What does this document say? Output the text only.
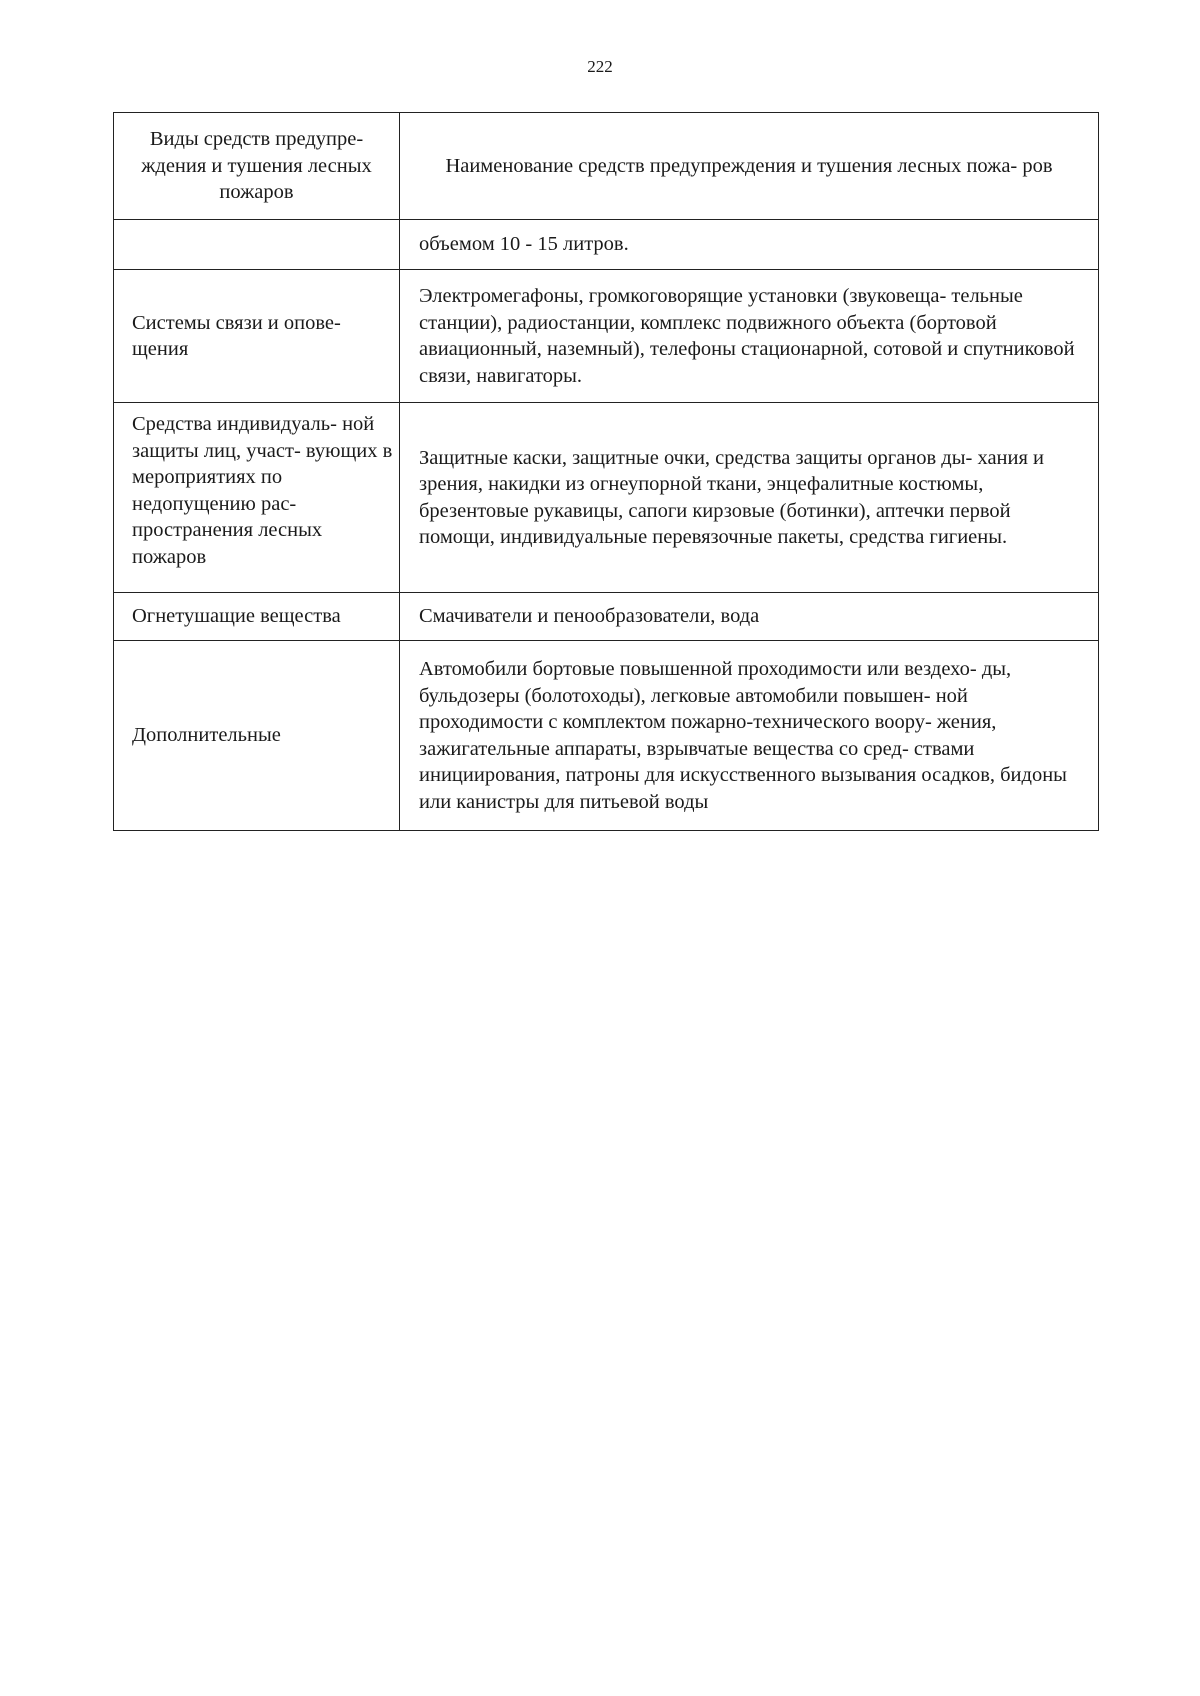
222
Виды средств предупре- ждения и тушения лесных пожаров	Наименование средств предупреждения и тушения лесных пожа- ров
	объемом 10 - 15 литров.
Системы связи и опове- щения	Электромегафоны, громкоговорящие установки (звуковеща- тельные станции), радиостанции, комплекс подвижного объекта (бортовой авиационный, наземный), телефоны стационарной, сотовой и спутниковой связи, навигаторы.
Средства индивидуаль- ной защиты лиц, участ- вующих в мероприятиях по недопущению рас- пространения лесных пожаров	Защитные каски, защитные очки, средства защиты органов ды- хания и зрения, накидки из огнеупорной ткани, энцефалитные костюмы, брезентовые рукавицы, сапоги кирзовые (ботинки), аптечки первой помощи, индивидуальные перевязочные пакеты, средства гигиены.
Огнетушащие вещества	Смачиватели и пенообразователи, вода
Дополнительные	Автомобили бортовые повышенной проходимости или вездехо- ды, бульдозеры (болотоходы), легковые автомобили повышен- ной проходимости с комплектом пожарно-технического воору- жения, зажигательные аппараты, взрывчатые вещества со сред- ствами инициирования, патроны для искусственного вызывания осадков, бидоны или канистры для питьевой воды
